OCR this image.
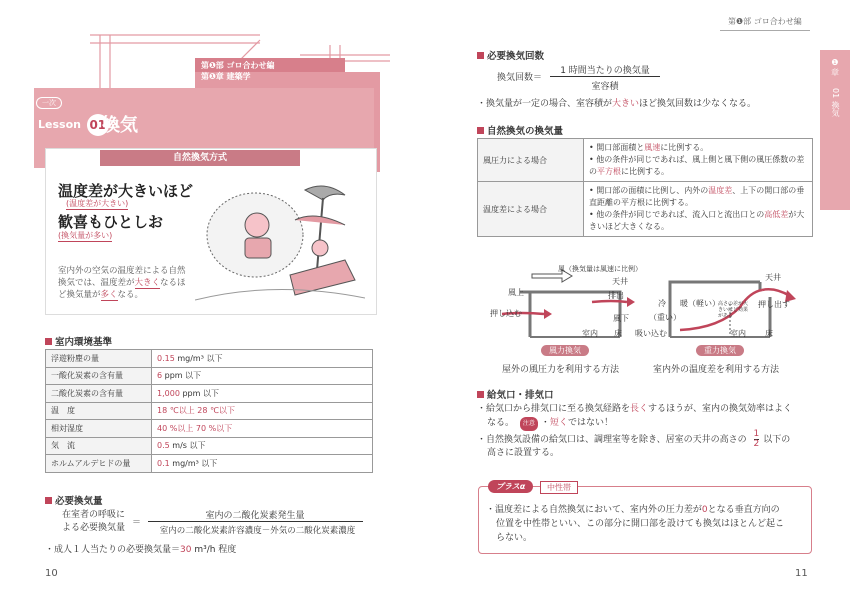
第❶部 ゴロ合わせ編
第❶章 建築学
一次
Lesson 01
換気
自然換気方式
温度差が大きいほど
(温度差が大きい)
歓喜もひとしお
(換気量が多い)
室内外の空気の温度差による自然換気では、温度差が大きくなるほど換気量が多くなる。
室内環境基準
浮遊粉塵の量	0.15 mg/m³ 以下
一酸化炭素の含有量	6 ppm 以下
二酸化炭素の含有量	1,000 ppm 以下
温　度	18 ℃以上 28 ℃以下
相対湿度	40 %以上 70 %以下
気　流	0.5 m/s 以下
ホルムアルデヒドの量	0.1 mg/m³ 以下
必要換気量
在室者の呼吸に
よる必要換気量 ＝
室内の二酸化炭素発生量
室内の二酸化炭素許容濃度－外気の二酸化炭素濃度
・成人１人当たりの必要換気量＝30 m³/h 程度
10
第❶部 ゴロ合わせ編
❶章
01 換気
必要換気回数
換気回数＝
1 時間当たりの換気量
室容積
・換気量が一定の場合、室容積が大きいほど換気回数は少なくなる。
自然換気の換気量
風圧力による場合	• 開口部面積と風速に比例する。
• 他の条件が同じであれば、風上側と風下側の風圧係数の差の平方根に比例する。

温度差による場合	• 開口部の面積に比例し、内外の温度差、上下の開口部の垂直距離の平方根に比例する。
• 他の条件が同じであれば、流入口と流出口との高低差が大きいほど大きくなる。
風（換気量は風速に比例）
風上
天井
排出
押し込む
風下
室内 床
風力換気
屋外の風圧力を利用する方法
冷
（重い）
暖（軽い）
高さの差が大きいほど効果がある
天井
押し出す
吸い込む	室内 床
重力換気
室内外の温度差を利用する方法
給気口・排気口
・給気口から排気口に至る換気経路を長くするほうが、室内の換気効率はよく
なる。 注意 ・短くではない！
・自然換気設備の給気口は、調理室等を除き、居室の天井の高さの $\frac{1}{2}$ 以下の
高さに設置する。
プラスα	中性帯
・温度差による自然換気において、室内外の圧力差が0となる垂直方向の
位置を中性帯といい、この部分に開口部を設けても換気はほとんど起こ
らない。
11
